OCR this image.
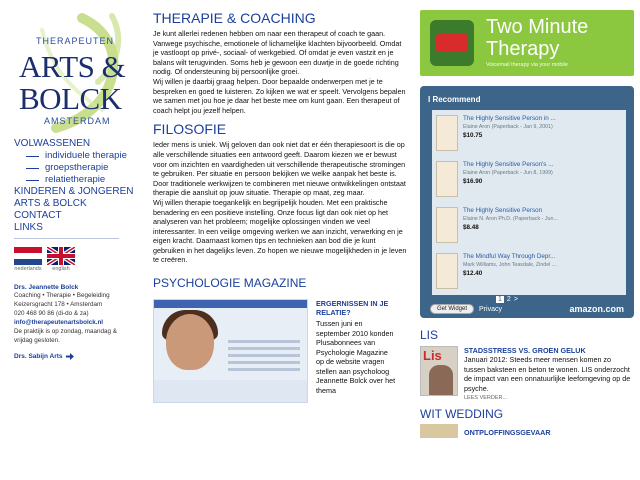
THERAPEUTEN
ARTS &
BOLCK
AMSTERDAM
VOLWASSENEN
individuele therapie
groepstherapie
relatietherapie
KINDEREN & JONGEREN
ARTS & BOLCK
CONTACT
LINKS
nederlands english
Drs. Jeannette Bolck
Coaching • Therapie • Begeleiding
Keizersgracht 178 • Amsterdam
020 468 90 86 (di-do & za)
info@therapeutenartsbolck.nl
De praktijk is op zondag, maandag & vrijdag gesloten.
Drs. Sabijn Arts
THERAPIE & COACHING

Je kunt allerlei redenen hebben om naar een therapeut of coach te gaan. Vanwege psychische, emotionele of lichamelijke klachten bijvoorbeeld. Omdat je vastloopt op privé-, sociaal- of werkgebied. Of omdat je even vastzit en je balans wilt terugvinden. Soms heb je gewoon een duwtje in de goede richting nodig. Of ondersteuning bij persoonlijke groei.

Wij willen je daarbij graag helpen. Door bepaalde onderwerpen met je te bespreken en goed te luisteren. Zo kijken we wat er speelt. Vervolgens bepalen we samen met jou hoe je daar het beste mee om kunt gaan. Een therapeut of coach helpt jou jezelf helpen.

FILOSOFIE

Ieder mens is uniek. Wij geloven dan ook niet dat er één therapiesoort is die op alle verschillende situaties een antwoord geeft. Daarom kiezen we er bewust voor om inzichten en vaardigheden uit verschillende therapeutische stromingen te gebruiken. Per situatie en persoon bekijken we welke aanpak het beste is. Door traditionele werkwijzen te combineren met nieuwe ontwikkelingen ontstaat therapie die aansluit op jouw situatie. Therapie op maat, zeg maar.

Wij willen therapie toegankelijk en begrijpelijk houden. Met een praktische benadering en een positieve instelling. Onze focus ligt dan ook niet op het analyseren van het probleem; mogelijke oplossingen vinden we veel interessanter. In een veilige omgeving werken we aan inzicht, verwerking en je eigen kracht. Daarnaast komen tips en technieken aan bod die je kunt gebruiken in het dagelijks leven. Zo hopen we nieuwe mogelijkheden in je leven te creëren.

PSYCHOLOGIE MAGAZINE
ERGERNISSEN IN JE RELATIE?
Tussen juni en september 2010 konden Plusabonnees van Psychologie Magazine op de website vragen stellen aan psycholoog Jeannette Bolck over het thema
Two Minute Therapy
Voicemail therapy via your mobile
I Recommend
The Highly Sensitive Person in ...
Elaine Aron (Paperback - Jan 9, 2001)
$10.75
The Highly Sensitive Person's ...
Elaine Aron (Paperback - Jun 8, 1999)
$16.90
The Highly Sensitive Person
Elaine N. Aron Ph.D. (Paperback - Jun...
$8.48
The Mindful Way Through Depr...
Mark Williams, John Teasdale, Zindel ...
$12.40
1 2 >
Get Widget	Privacy	amazon.com
LIS
Lis	STADSSTRESS VS. GROEN GELUK
Januari 2012: Steeds meer mensen komen zo tussen baksteen en beton te wonen. LIS onderzocht de impact van een onnatuurlijke leefomgeving op de psyche.
LEES VERDER...
WIT WEDDING
ONTPLOFFINGSGEVAAR
